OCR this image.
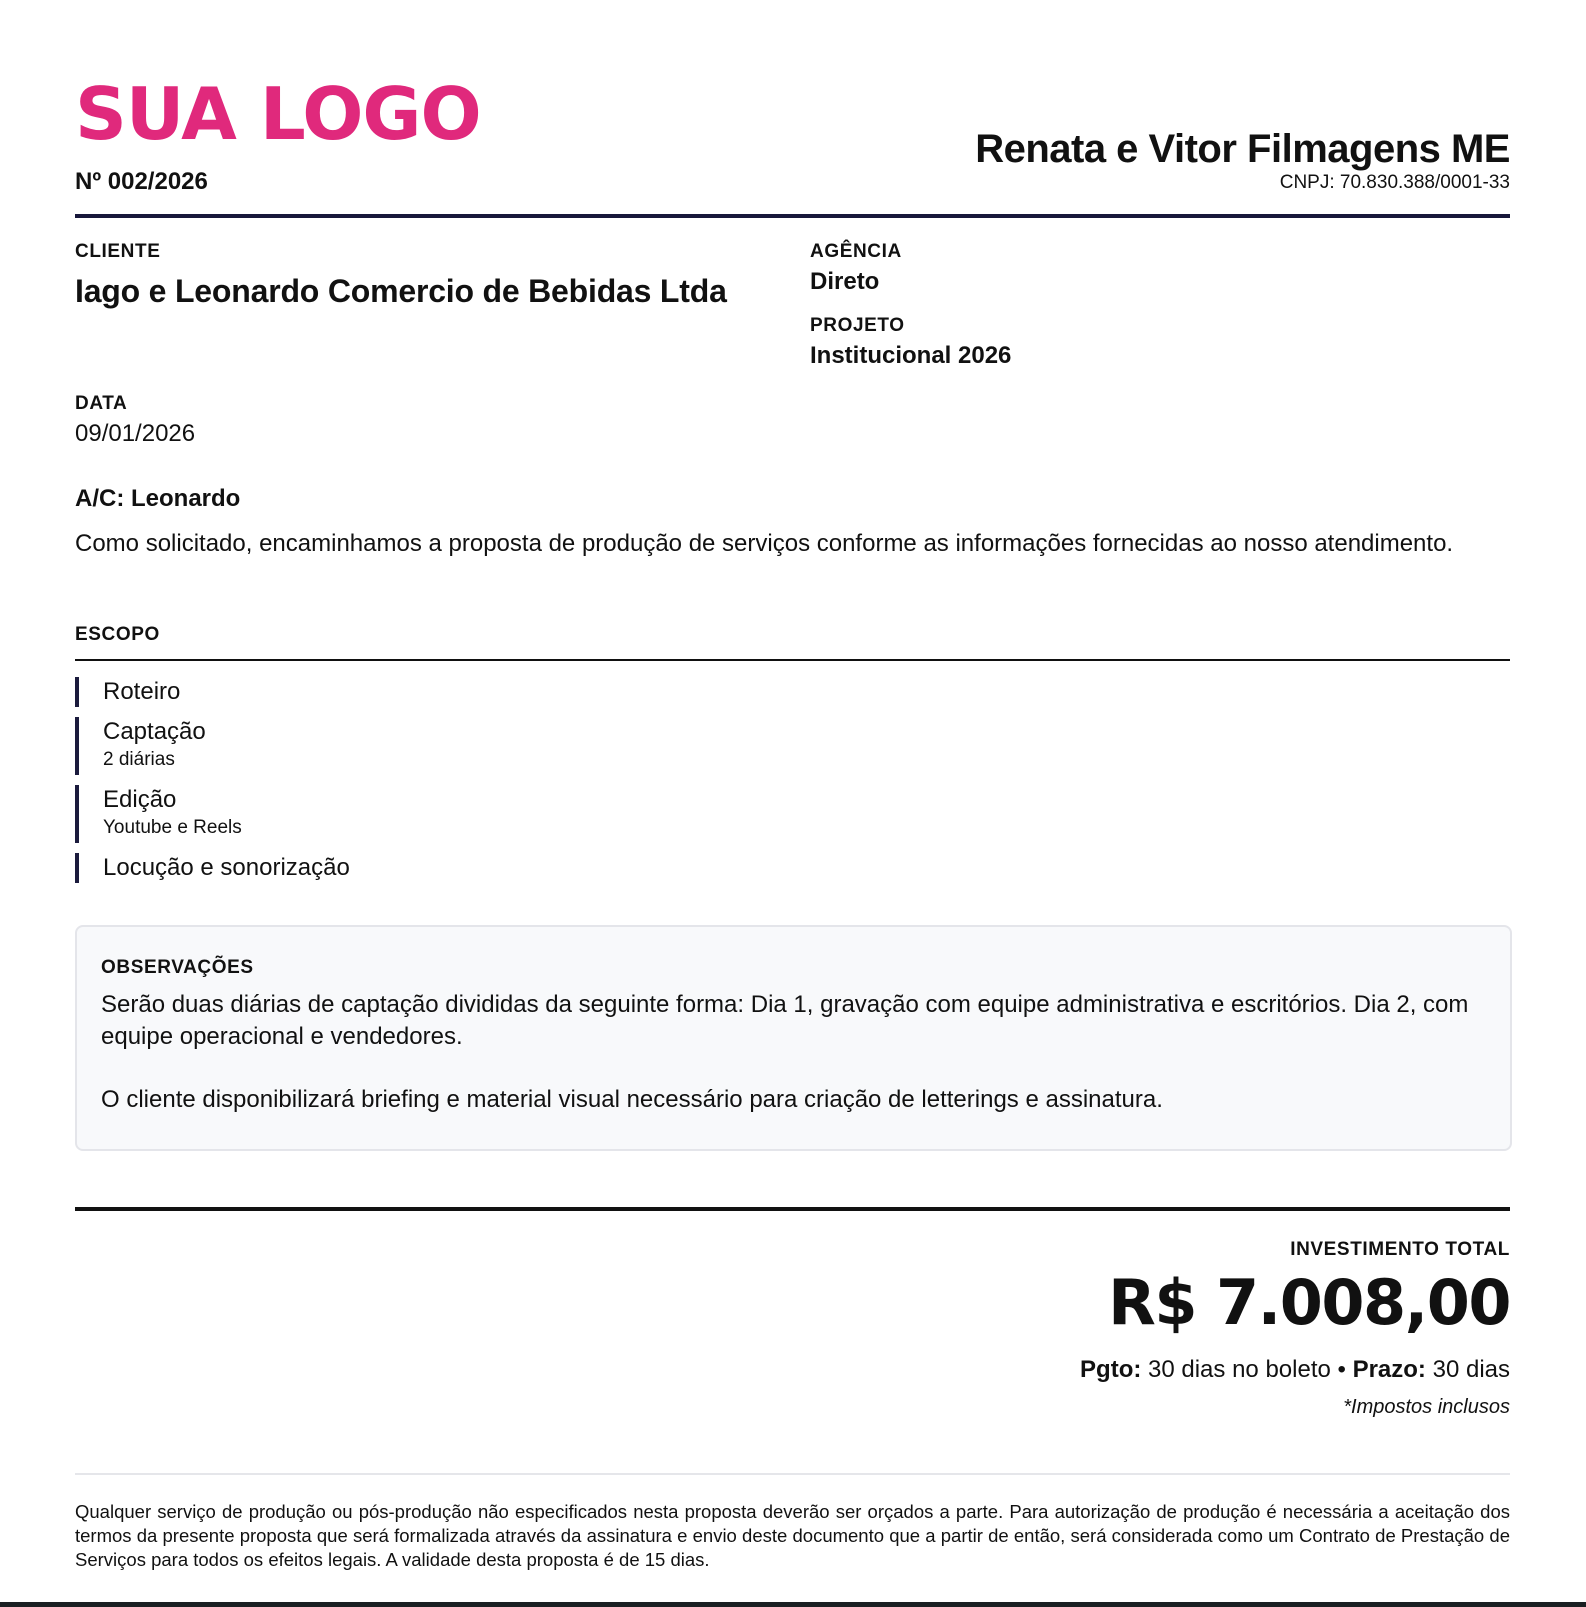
SUA LOGO
Nº 002/2026
Renata e Vitor Filmagens ME
CNPJ: 70.830.388/0001-33
CLIENTE
Iago e Leonardo Comercio de Bebidas Ltda
AGÊNCIA
Direto
PROJETO
Institucional 2026
DATA
09/01/2026
A/C: Leonardo
Como solicitado, encaminhamos a proposta de produção de serviços conforme as informações fornecidas ao nosso atendimento.
ESCOPO
Roteiro
Captação
2 diárias
Edição
Youtube e Reels
Locução e sonorização
OBSERVAÇÕES

Serão duas diárias de captação divididas da seguinte forma: Dia 1, gravação com equipe administrativa e escritórios. Dia 2, com equipe operacional e vendedores.

O cliente disponibilizará briefing e material visual necessário para criação de letterings e assinatura.

INVESTIMENTO TOTAL
R$ 7.008,00
Pgto: 30 dias no boleto • Prazo: 30 dias
*Impostos inclusos
Qualquer serviço de produção ou pós-produção não especificados nesta proposta deverão ser orçados a parte. Para autorização de produção é necessária a aceitação dos termos da presente proposta que será formalizada através da assinatura e envio deste documento que a partir de então, será considerada como um Contrato de Prestação de Serviços para todos os efeitos legais. A validade desta proposta é de 15 dias.
